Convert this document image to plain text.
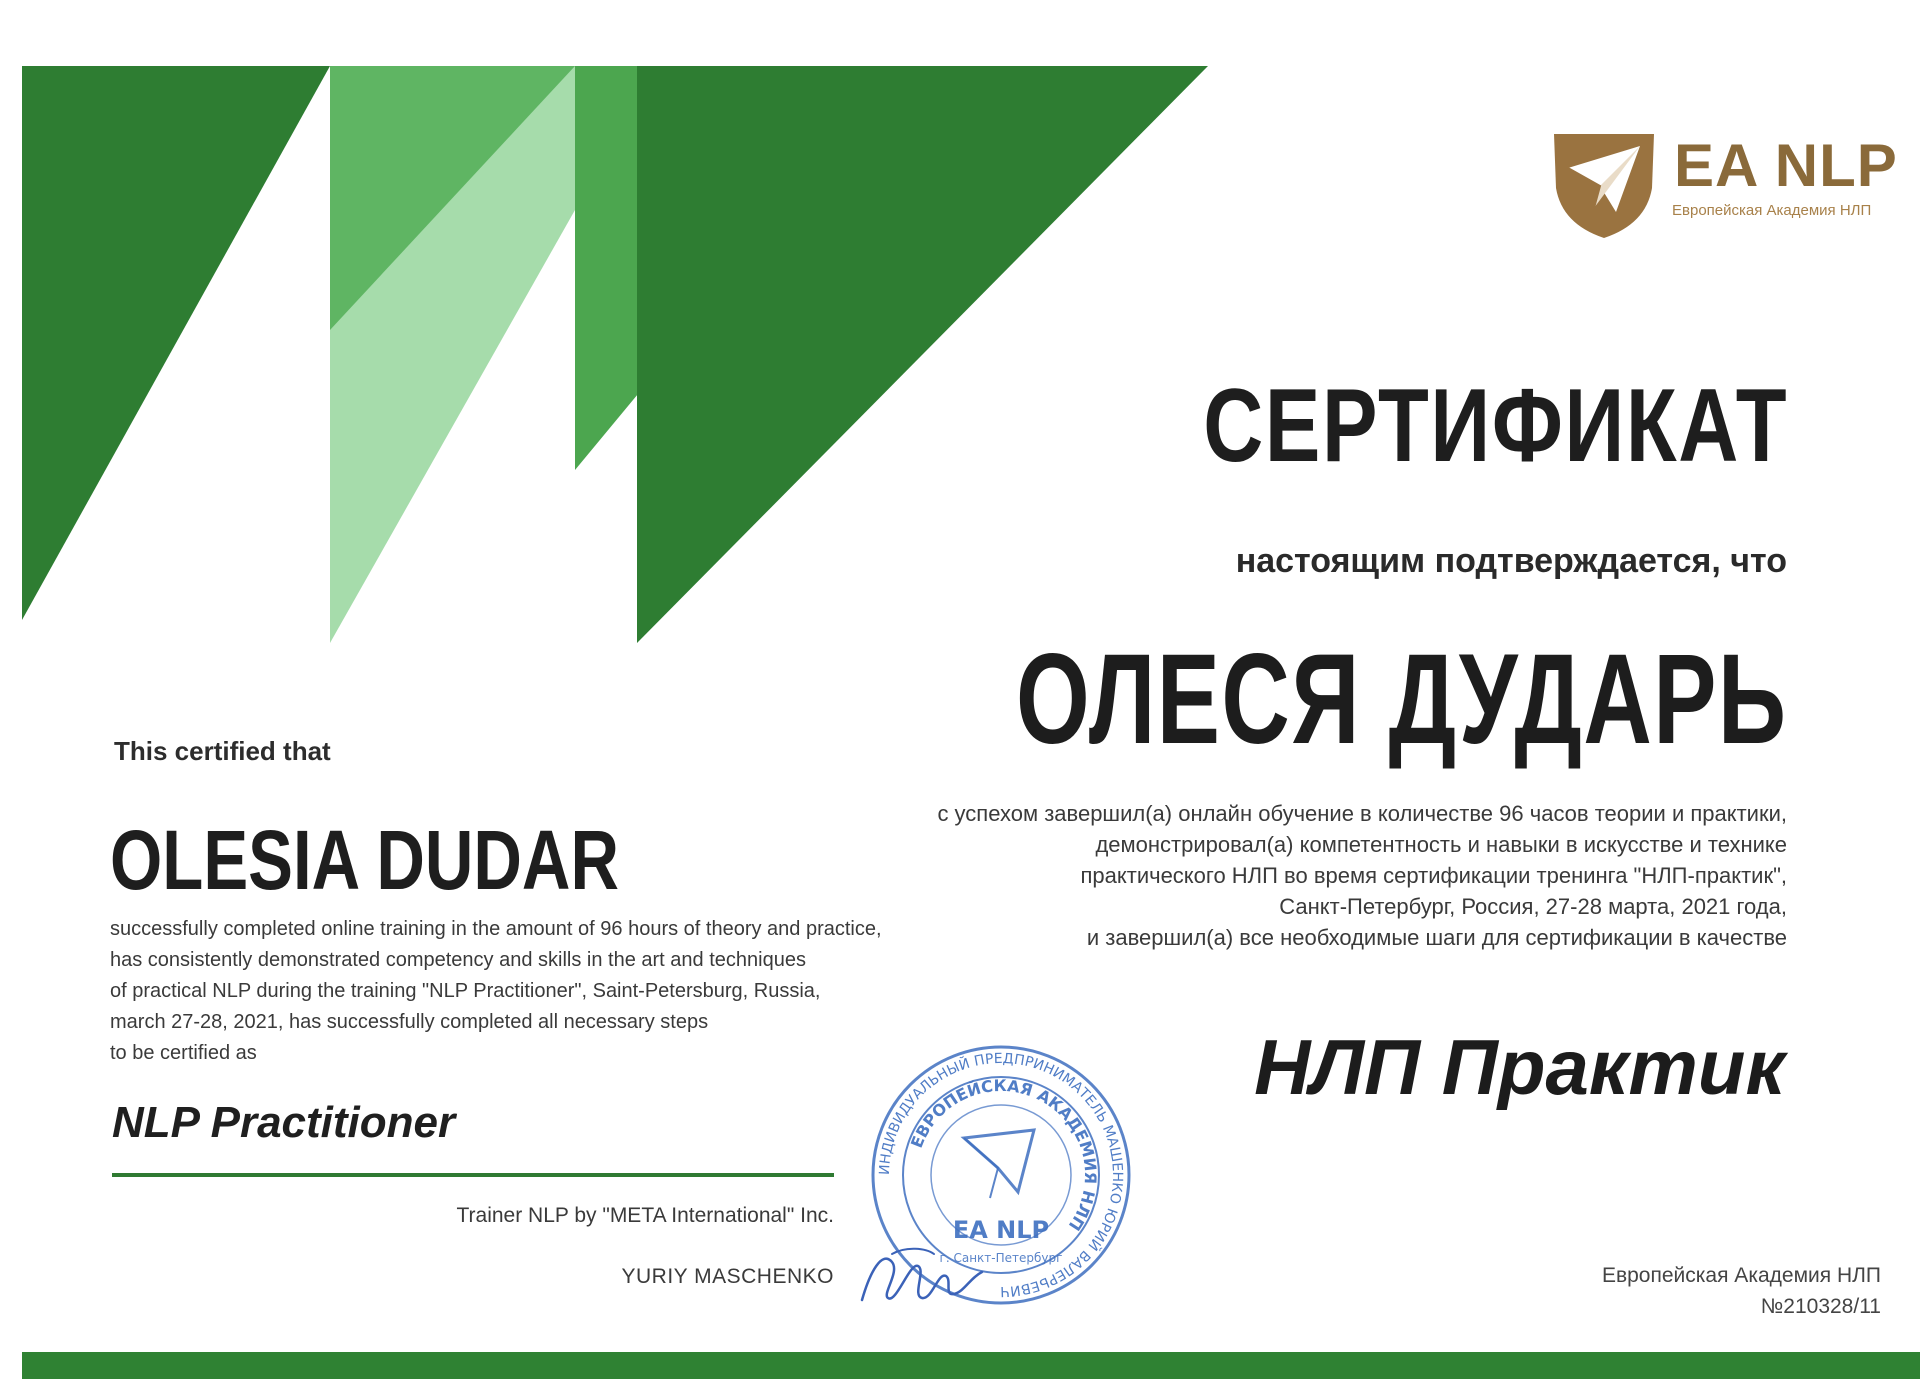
EA NLP
Европейская Академия НЛП
СЕРТИФИКАТ
настоящим подтверждается, что
ОЛЕСЯ ДУДАРЬ
с успехом завершил(а) онлайн обучение в количестве 96 часов теории и практики,
демонстрировал(а) компетентность и навыки в искусстве и технике
практического НЛП во время сертификации тренинга "НЛП-практик",
Санкт-Петербург, Россия, 27-28 марта, 2021 года,
и завершил(а) все необходимые шаги для сертификации в качестве
НЛП Практик
This certified that
OLESIA DUDAR
successfully completed online training in the amount of 96 hours of theory and practice,
has consistently demonstrated competency and skills in the art and techniques
of practical NLP during the training "NLP Practitioner", Saint-Petersburg, Russia,
march 27-28, 2021, has successfully completed all necessary steps
to be certified as
NLP Practitioner
Trainer NLP by "META International" Inc.
YURIY MASCHENKO	Европейская Академия НЛП
№210328/11
ИНДИВИДУАЛЬНЫЙ ПРЕДПРИНИМАТЕЛЬ МАШЕНКО ЮРИЙ ВАЛЕРЬЕВИЧ
ЕВРОПЕЙСКАЯ АКАДЕМИЯ НЛП
EA NLP
г. Санкт-Петербург
